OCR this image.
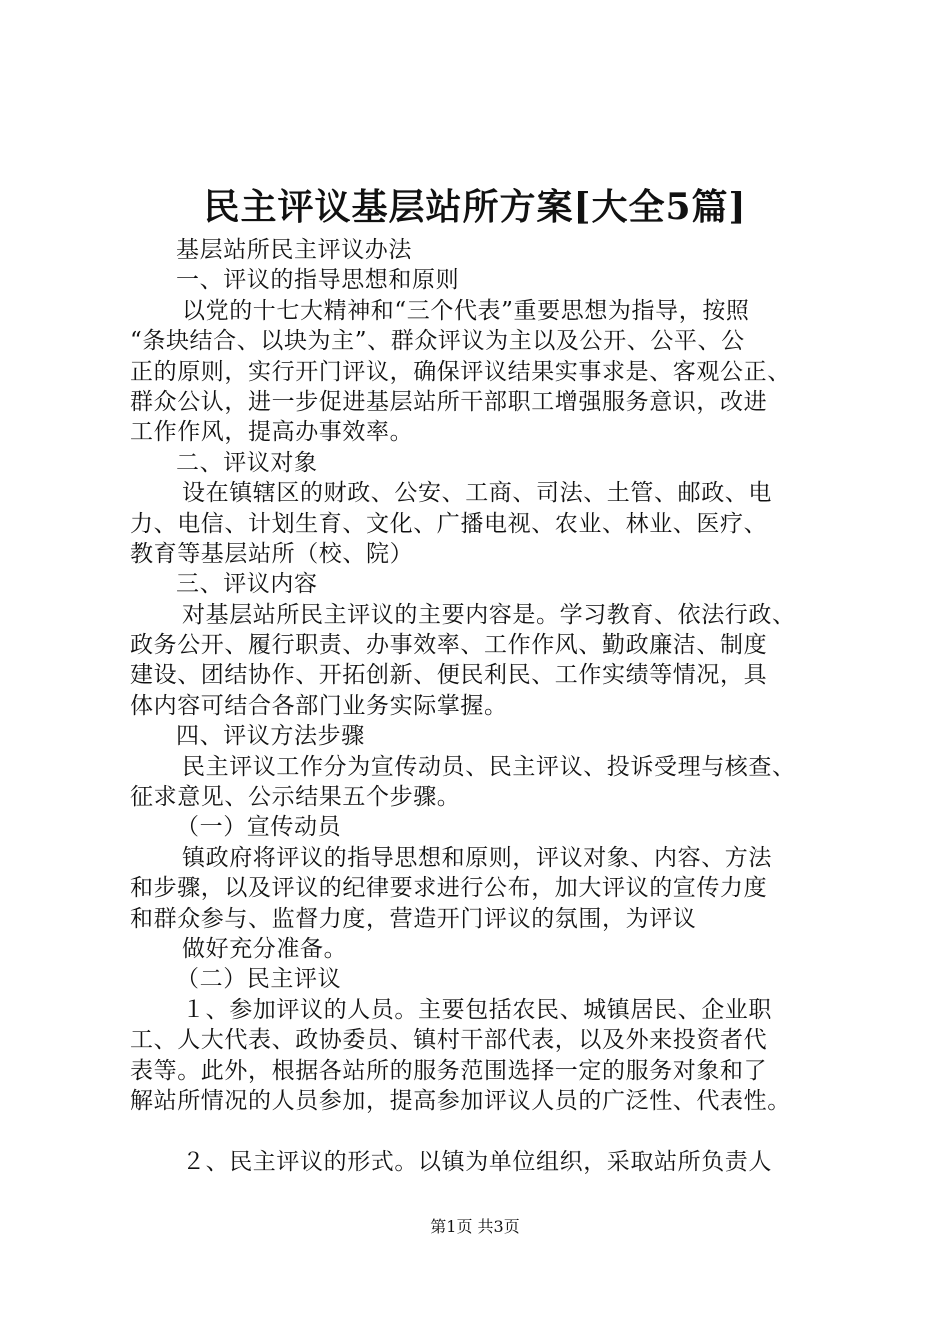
民主评议基层站所方案[大全5篇]
基层站所民主评议办法
一、评议的指导思想和原则
以党的十七大精神和“三个代表”重要思想为指导，按照
“条块结合、以块为主”、群众评议为主以及公开、公平、公
正的原则，实行开门评议，确保评议结果实事求是、客观公正、
群众公认，进一步促进基层站所干部职工增强服务意识，改进
工作作风，提高办事效率。
二、评议对象
设在镇辖区的财政、公安、工商、司法、土管、邮政、电
力、电信、计划生育、文化、广播电视、农业、林业、医疗、
教育等基层站所（校、院）
三、评议内容
对基层站所民主评议的主要内容是。学习教育、依法行政、
政务公开、履行职责、办事效率、工作作风、勤政廉洁、制度
建设、团结协作、开拓创新、便民利民、工作实绩等情况，具
体内容可结合各部门业务实际掌握。
四、评议方法步骤
民主评议工作分为宣传动员、民主评议、投诉受理与核查、
征求意见、公示结果五个步骤。
（一）宣传动员
镇政府将评议的指导思想和原则，评议对象、内容、方法
和步骤，以及评议的纪律要求进行公布，加大评议的宣传力度
和群众参与、监督力度，营造开门评议的氛围，为评议
做好充分准备。
（二）民主评议
１、参加评议的人员。主要包括农民、城镇居民、企业职
工、人大代表、政协委员、镇村干部代表，以及外来投资者代
表等。此外，根据各站所的服务范围选择一定的服务对象和了
解站所情况的人员参加，提高参加评议人员的广泛性、代表性。
２、民主评议的形式。以镇为单位组织，采取站所负责人
第1页 共3页
